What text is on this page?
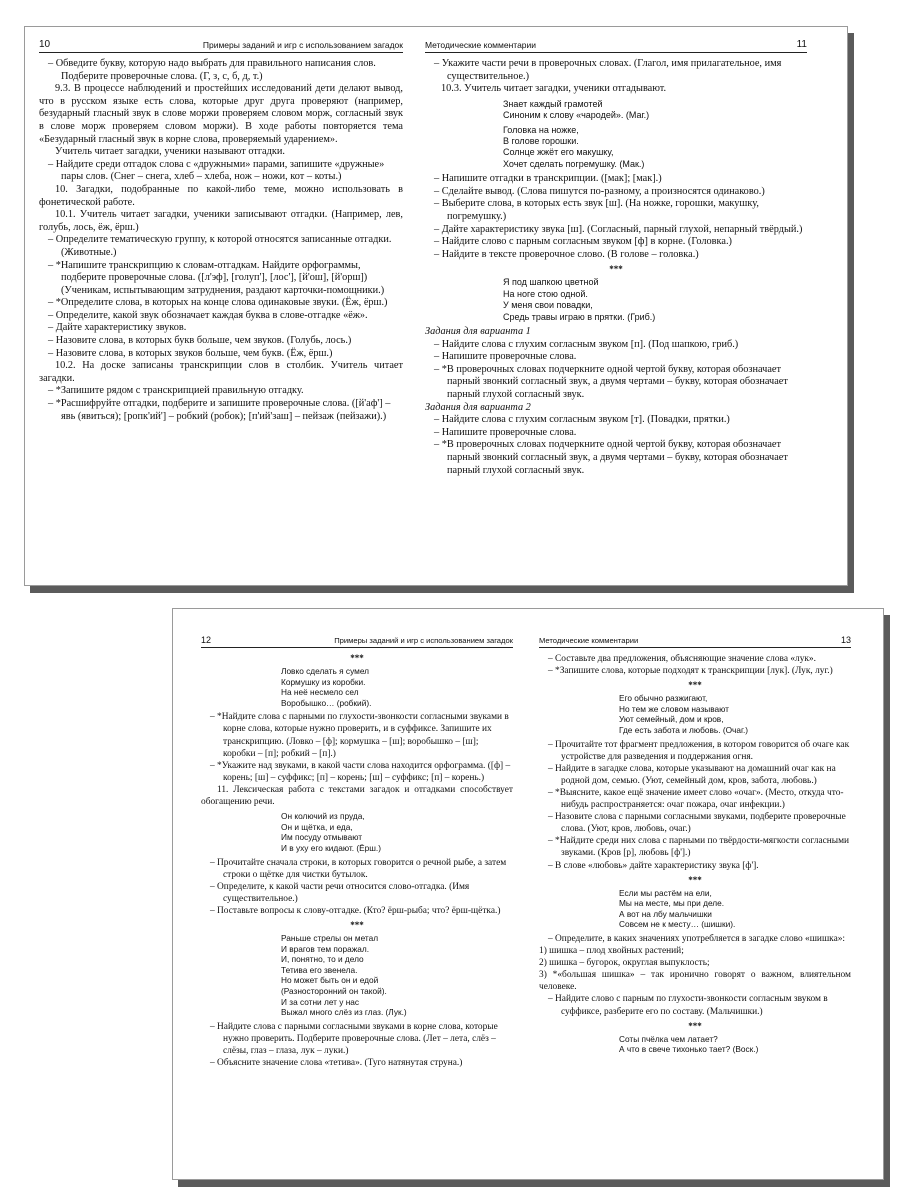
10	Примеры заданий и игр с использованием загадок
– Обведите букву, которую надо выбрать для правильного написания слов. Подберите проверочные слова. (Г, з, с, б, д, т.)
9.3. В процессе наблюдений и простейших исследований дети делают вывод, что в русском языке есть слова, которые друг друга проверяют (например, безударный гласный звук в слове моржи проверяем словом морж, согласный звук в слове морж проверяем словом моржи). В ходе работы повторяется тема «Безударный гласный звук в корне слова, проверяемый ударением».
Учитель читает загадки, ученики называют отгадки.
– Найдите среди отгадок слова с «дружными» парами, запишите «дружные» пары слов. (Снег – снега, хлеб – хлеба, нож – ножи, кот – коты.)
10. Загадки, подобранные по какой-либо теме, можно использовать в фонетической работе.
10.1. Учитель читает загадки, ученики записывают отгадки. (Например, лев, голубь, лось, ёж, ёрш.)
– Определите тематическую группу, к которой относятся записанные отгадки. (Животные.)
– *Напишите транскрипцию к словам-отгадкам. Найдите орфограммы, подберите проверочные слова. ([л'эф], [голуп'], [лос'], [й'ош], [й'орш]) (Ученикам, испытывающим затруднения, раздают карточки-помощники.)
– *Определите слова, в которых на конце слова одинаковые звуки. (Ёж, ёрш.)
– Определите, какой звук обозначает каждая буква в слове-отгадке «ёж».
– Дайте характеристику звуков.
– Назовите слова, в которых букв больше, чем звуков. (Голубь, лось.)
– Назовите слова, в которых звуков больше, чем букв. (Ёж, ёрш.)
10.2. На доске записаны транскрипции слов в столбик. Учитель читает загадки.
– *Запишите рядом с транскрипцией правильную отгадку.
– *Расшифруйте отгадки, подберите и запишите проверочные слова. ([й'аф'] – явь (явиться); [ропк'ий'] – робкий (робок); [п'ий'заш] – пейзаж (пейзажи).)
Методические комментарии	11
– Укажите части речи в проверочных словах. (Глагол, имя прилагательное, имя существительное.)
10.3. Учитель читает загадки, ученики отгадывают.
Знает каждый грамотей
Синоним к слову «чародей». (Маг.)
Головка на ножке,
В голове горошки.
Солнце жжёт его макушку,
Хочет сделать погремушку. (Мак.)
– Напишите отгадки в транскрипции. ([мак]; [мак].)
– Сделайте вывод. (Слова пишутся по-разному, а произносятся одинаково.)
– Выберите слова, в которых есть звук [ш]. (На ножке, горошки, макушку, погремушку.)
– Дайте характеристику звука [ш]. (Согласный, парный глухой, непарный твёрдый.)
– Найдите слово с парным согласным звуком [ф] в корне. (Головка.)
– Найдите в тексте проверочное слово. (В голове – головка.)
***
Я под шапкою цветной
На ноге стою одной.
У меня свои повадки,
Средь травы играю в прятки. (Гриб.)
Задания для варианта 1
– Найдите слова с глухим согласным звуком [п]. (Под шапкою, гриб.)
– Напишите проверочные слова.
– *В проверочных словах подчеркните одной чертой букву, которая обозначает парный звонкий согласный звук, а двумя чертами – букву, которая обозначает парный глухой согласный звук.
Задания для варианта 2
– Найдите слова с глухим согласным звуком [т]. (Повадки, прятки.)
– Напишите проверочные слова.
– *В проверочных словах подчеркните одной чертой букву, которая обозначает парный звонкий согласный звук, а двумя чертами – букву, которая обозначает парный глухой согласный звук.
12	Примеры заданий и игр с использованием загадок
***
Ловко сделать я сумел
Кормушку из коробки.
На неё несмело сел
Воробышко… (робкий).
– *Найдите слова с парными по глухости-звонкости согласными звуками в корне слова, которые нужно проверить, и в суффиксе. Запишите их транскрипцию. (Ловко – [ф]; кормушка – [ш]; воробышко – [ш]; коробки – [п]; робкий – [п].)
– *Укажите над звуками, в какой части слова находится орфограмма. ([ф] – корень; [ш] – суффикс; [п] – корень; [ш] – суффикс; [п] – корень.)
11. Лексическая работа с текстами загадок и отгадками способствует обогащению речи.
Он колючий из пруда,
Он и щётка, и еда,
Им посуду отмывают
И в уху его кидают. (Ёрш.)
– Прочитайте сначала строки, в которых говорится о речной рыбе, а затем строки о щётке для чистки бутылок.
– Определите, к какой части речи относится слово-отгадка. (Имя существительное.)
– Поставьте вопросы к слову-отгадке. (Кто? ёрш-рыба; что? ёрш-щётка.)
***
Раньше стрелы он метал
И врагов тем поражал.
И, понятно, то и дело
Тетива его звенела.
Но может быть он и едой
(Разносторонний он такой).
И за сотни лет у нас
Выжал много слёз из глаз. (Лук.)
– Найдите слова с парными согласными звуками в корне слова, которые нужно проверить. Подберите проверочные слова. (Лет – лета, слёз – слёзы, глаз – глаза, лук – луки.)
– Объясните значение слова «тетива». (Туго натянутая струна.)
Методические комментарии	13
– Составьте два предложения, объясняющие значение слова «лук».
– *Запишите слова, которые подходят к транскрипции [лук]. (Лук, луг.)
***
Его обычно разжигают,
Но тем же словом называют
Уют семейный, дом и кров,
Где есть забота и любовь. (Очаг.)
– Прочитайте тот фрагмент предложения, в котором говорится об очаге как устройстве для разведения и поддержания огня.
– Найдите в загадке слова, которые указывают на домашний очаг как на родной дом, семью. (Уют, семейный дом, кров, забота, любовь.)
– *Выясните, какое ещё значение имеет слово «очаг». (Место, откуда что-нибудь распространяется: очаг пожара, очаг инфекции.)
– Назовите слова с парными согласными звуками, подберите проверочные слова. (Уют, кров, любовь, очаг.)
– *Найдите среди них слова с парными по твёрдости-мягкости согласными звуками. (Кров [р], любовь [ф'].)
– В слове «любовь» дайте характеристику звука [ф'].
***
Если мы растём на ели,
Мы на месте, мы при деле.
А вот на лбу мальчишки
Совсем не к месту… (шишки).
– Определите, в каких значениях употребляется в загадке слово «шишка»:
1) шишка – плод хвойных растений;
2) шишка – бугорок, округлая выпуклость;
3) *«большая шишка» – так иронично говорят о важном, влиятельном человеке.
– Найдите слово с парным по глухости-звонкости согласным звуком в суффиксе, разберите его по составу. (Мальчишки.)
***
Соты пчёлка чем латает?
А что в свече тихонько тает? (Воск.)
